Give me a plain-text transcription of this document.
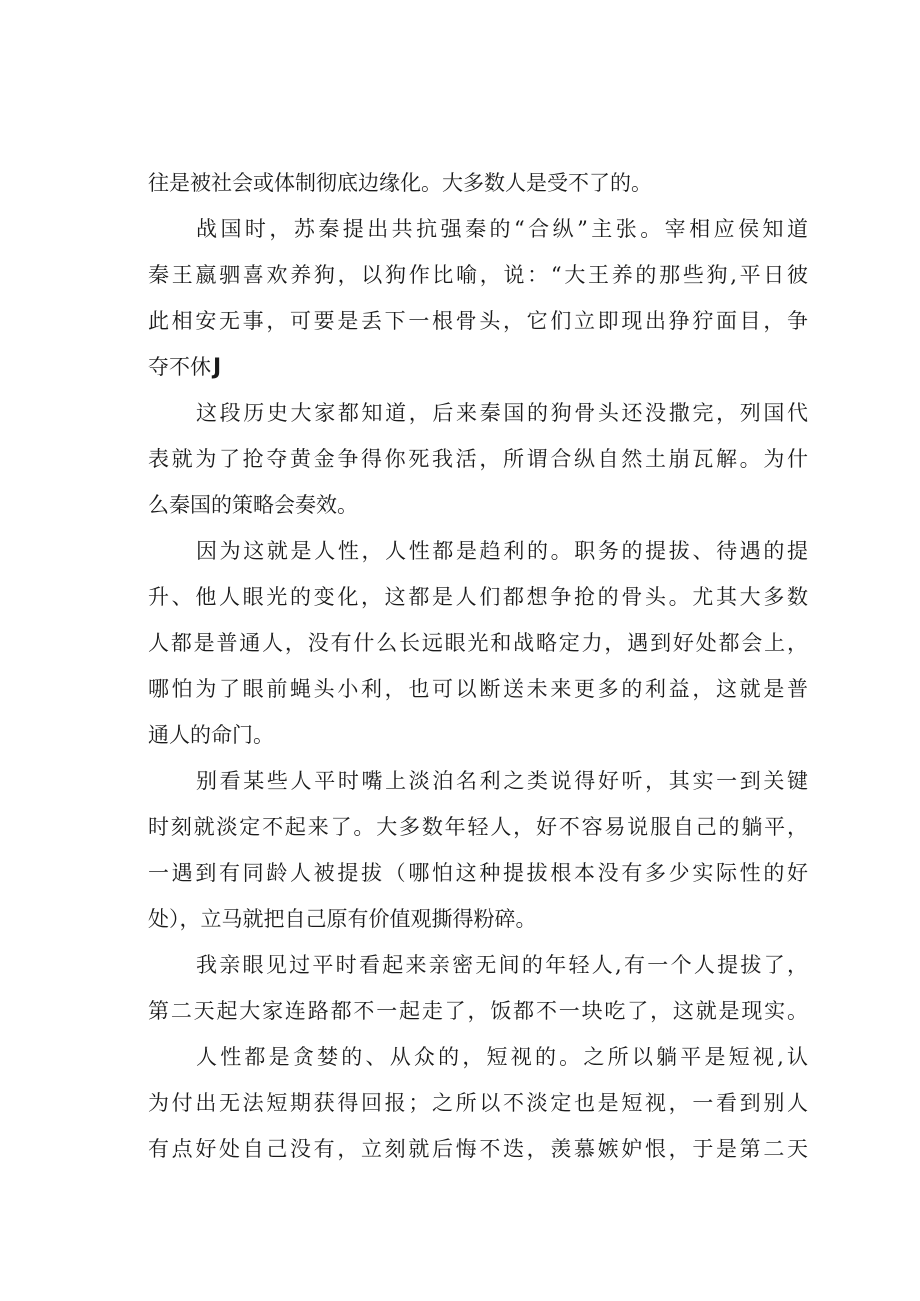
往是被社会或体制彻底边缘化。大多数人是受不了的。
战国时，苏秦提出共抗强秦的“合纵”主张。宰相应侯知道
秦王嬴驷喜欢养狗，以狗作比喻，说：“大王养的那些狗,平日彼
此相安无事，可要是丢下一根骨头，它们立即现出狰狞面目，争
夺不休J
这段历史大家都知道，后来秦国的狗骨头还没撒完，列国代
表就为了抢夺黄金争得你死我活，所谓合纵自然土崩瓦解。为什
么秦国的策略会奏效。
因为这就是人性，人性都是趋利的。职务的提拔、待遇的提
升、他人眼光的变化，这都是人们都想争抢的骨头。尤其大多数
人都是普通人，没有什么长远眼光和战略定力，遇到好处都会上，
哪怕为了眼前蝇头小利，也可以断送未来更多的利益，这就是普
通人的命门。
别看某些人平时嘴上淡泊名利之类说得好听，其实一到关键
时刻就淡定不起来了。大多数年轻人，好不容易说服自己的躺平，
一遇到有同龄人被提拔（哪怕这种提拔根本没有多少实际性的好
处），立马就把自己原有价值观撕得粉碎。
我亲眼见过平时看起来亲密无间的年轻人,有一个人提拔了，
第二天起大家连路都不一起走了，饭都不一块吃了，这就是现实。
人性都是贪婪的、从众的，短视的。之所以躺平是短视,认
为付出无法短期获得回报；之所以不淡定也是短视，一看到别人
有点好处自己没有，立刻就后悔不迭，羡慕嫉妒恨，于是第二天
